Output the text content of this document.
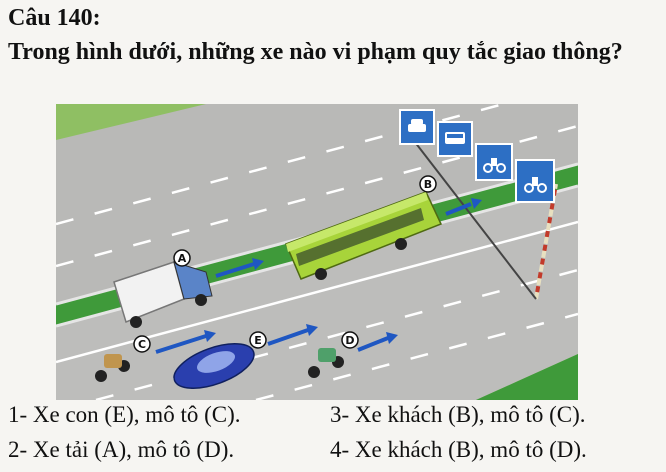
Câu 140:
Trong hình dưới, những xe nào vi phạm quy tắc giao thông?
A
B
C	D
E
1- Xe con (E), mô tô (C).	3- Xe khách (B), mô tô (C).
2- Xe tải (A), mô tô (D).	4- Xe khách (B), mô tô (D).
